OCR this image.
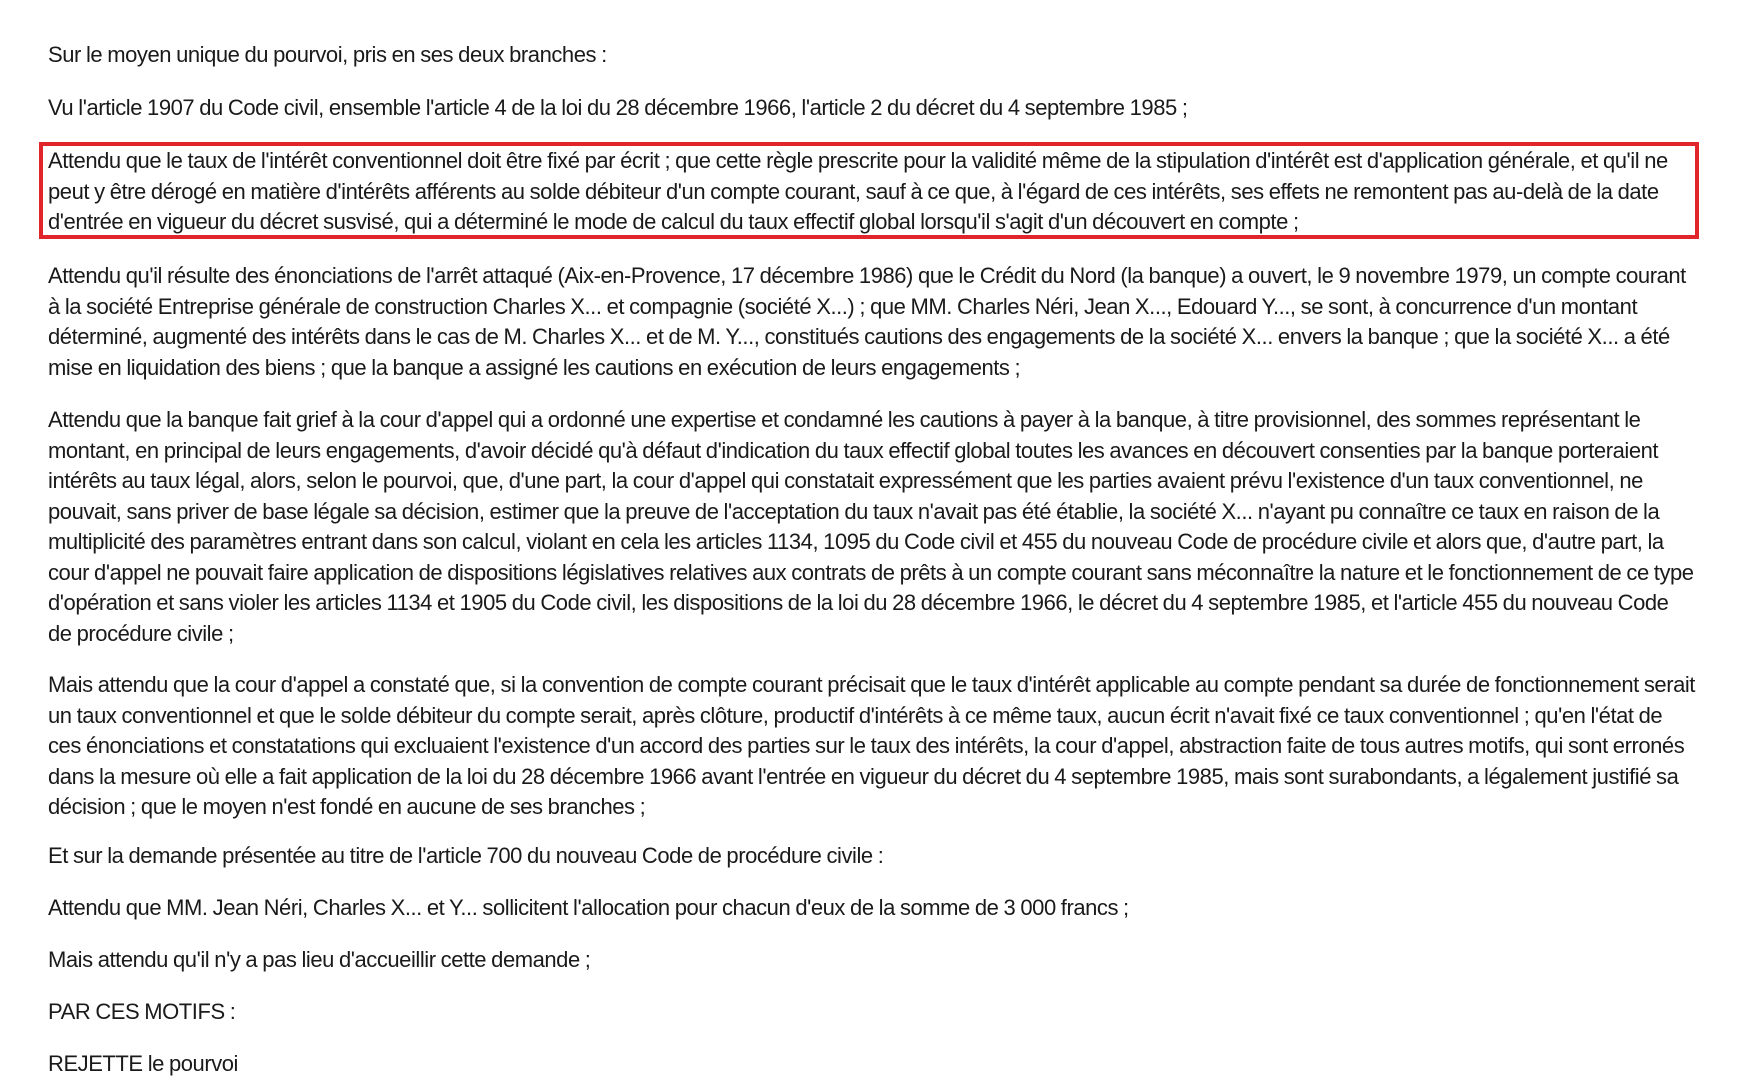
Sur le moyen unique du pourvoi, pris en ses deux branches :

Vu l'article 1907 du Code civil, ensemble l'article 4 de la loi du 28 décembre 1966, l'article 2 du décret du 4 septembre 1985 ;

Attendu que le taux de l'intérêt conventionnel doit être fixé par écrit ; que cette règle prescrite pour la validité même de la stipulation d'intérêt est d'application générale, et qu'il ne peut y être dérogé en matière d'intérêts afférents au solde débiteur d'un compte courant, sauf à ce que, à l'égard de ces intérêts, ses effets ne remontent pas au-delà de la date d'entrée en vigueur du décret susvisé, qui a déterminé le mode de calcul du taux effectif global lorsqu'il s'agit d'un découvert en compte ;

Attendu qu'il résulte des énonciations de l'arrêt attaqué (Aix-en-Provence, 17 décembre 1986) que le Crédit du Nord (la banque) a ouvert, le 9 novembre 1979, un compte courant à la société Entreprise générale de construction Charles X... et compagnie (société X...) ; que MM. Charles Néri, Jean X..., Edouard Y..., se sont, à concurrence d'un montant déterminé, augmenté des intérêts dans le cas de M. Charles X... et de M. Y..., constitués cautions des engagements de la société X... envers la banque ; que la société X... a été mise en liquidation des biens ; que la banque a assigné les cautions en exécution de leurs engagements ;

Attendu que la banque fait grief à la cour d'appel qui a ordonné une expertise et condamné les cautions à payer à la banque, à titre provisionnel, des sommes représentant le montant, en principal de leurs engagements, d'avoir décidé qu'à défaut d'indication du taux effectif global toutes les avances en découvert consenties par la banque porteraient intérêts au taux légal, alors, selon le pourvoi, que, d'une part, la cour d'appel qui constatait expressément que les parties avaient prévu l'existence d'un taux conventionnel, ne pouvait, sans priver de base légale sa décision, estimer que la preuve de l'acceptation du taux n'avait pas été établie, la société X... n'ayant pu connaître ce taux en raison de la multiplicité des paramètres entrant dans son calcul, violant en cela les articles 1134, 1095 du Code civil et 455 du nouveau Code de procédure civile et alors que, d'autre part, la cour d'appel ne pouvait faire application de dispositions législatives relatives aux contrats de prêts à un compte courant sans méconnaître la nature et le fonctionnement de ce type d'opération et sans violer les articles 1134 et 1905 du Code civil, les dispositions de la loi du 28 décembre 1966, le décret du 4 septembre 1985, et l'article 455 du nouveau Code de procédure civile ;

Mais attendu que la cour d'appel a constaté que, si la convention de compte courant précisait que le taux d'intérêt applicable au compte pendant sa durée de fonctionnement serait un taux conventionnel et que le solde débiteur du compte serait, après clôture, productif d'intérêts à ce même taux, aucun écrit n'avait fixé ce taux conventionnel ; qu'en l'état de ces énonciations et constatations qui excluaient l'existence d'un accord des parties sur le taux des intérêts, la cour d'appel, abstraction faite de tous autres motifs, qui sont erronés dans la mesure où elle a fait application de la loi du 28 décembre 1966 avant l'entrée en vigueur du décret du 4 septembre 1985, mais sont surabondants, a légalement justifié sa décision ; que le moyen n'est fondé en aucune de ses branches ;

Et sur la demande présentée au titre de l'article 700 du nouveau Code de procédure civile :

Attendu que MM. Jean Néri, Charles X... et Y... sollicitent l'allocation pour chacun d'eux de la somme de 3 000 francs ;

Mais attendu qu'il n'y a pas lieu d'accueillir cette demande ;

PAR CES MOTIFS :

REJETTE le pourvoi
